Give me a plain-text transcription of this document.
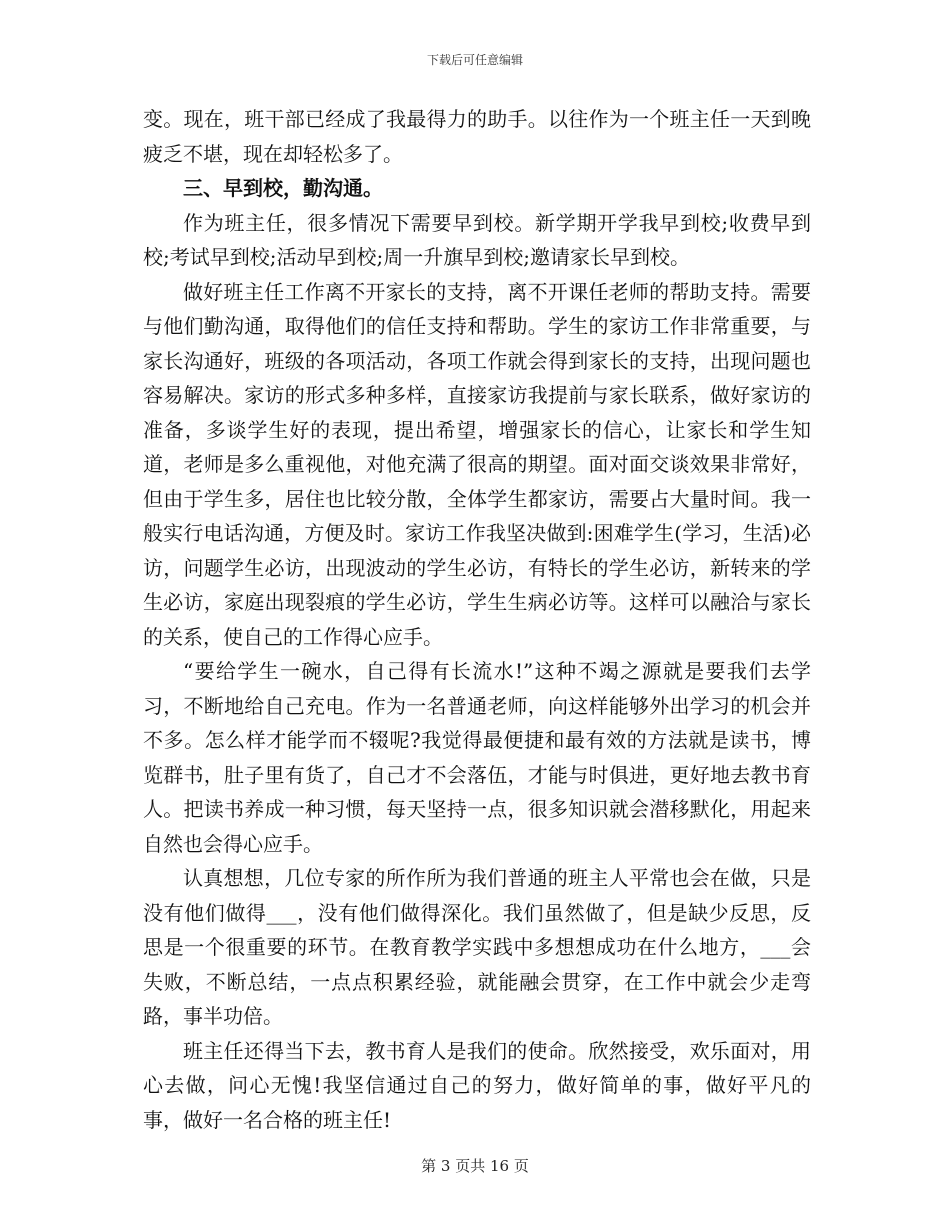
下载后可任意编辑

变。现在，班干部已经成了我最得力的助手。以往作为一个班主任一天到晚疲乏不堪，现在却轻松多了。

三、早到校，勤沟通。

作为班主任，很多情况下需要早到校。新学期开学我早到校;收费早到校;考试早到校;活动早到校;周一升旗早到校;邀请家长早到校。

做好班主任工作离不开家长的支持，离不开课任老师的帮助支持。需要与他们勤沟通，取得他们的信任支持和帮助。学生的家访工作非常重要，与家长沟通好，班级的各项活动，各项工作就会得到家长的支持，出现问题也容易解决。家访的形式多种多样，直接家访我提前与家长联系，做好家访的准备，多谈学生好的表现，提出希望，增强家长的信心，让家长和学生知道，老师是多么重视他，对他充满了很高的期望。面对面交谈效果非常好，但由于学生多，居住也比较分散，全体学生都家访，需要占大量时间。我一般实行电话沟通，方便及时。家访工作我坚决做到:困难学生(学习，生活)必访，问题学生必访，出现波动的学生必访，有特长的学生必访，新转来的学生必访，家庭出现裂痕的学生必访，学生生病必访等。这样可以融洽与家长的关系，使自己的工作得心应手。

“要给学生一碗水，自己得有长流水!”这种不竭之源就是要我们去学习，不断地给自己充电。作为一名普通老师，向这样能够外出学习的机会并不多。怎么样才能学而不辍呢?我觉得最便捷和最有效的方法就是读书，博览群书，肚子里有货了，自己才不会落伍，才能与时俱进，更好地去教书育人。把读书养成一种习惯，每天坚持一点，很多知识就会潜移默化，用起来自然也会得心应手。

认真想想，几位专家的所作所为我们普通的班主人平常也会在做，只是没有他们做得___，没有他们做得深化。我们虽然做了，但是缺少反思，反思是一个很重要的环节。在教育教学实践中多想想成功在什么地方，___会失败，不断总结，一点点积累经验，就能融会贯穿，在工作中就会少走弯路，事半功倍。

班主任还得当下去，教书育人是我们的使命。欣然接受，欢乐面对，用心去做，问心无愧!我坚信通过自己的努力，做好简单的事，做好平凡的事，做好一名合格的班主任!

第 3 页共 16 页
